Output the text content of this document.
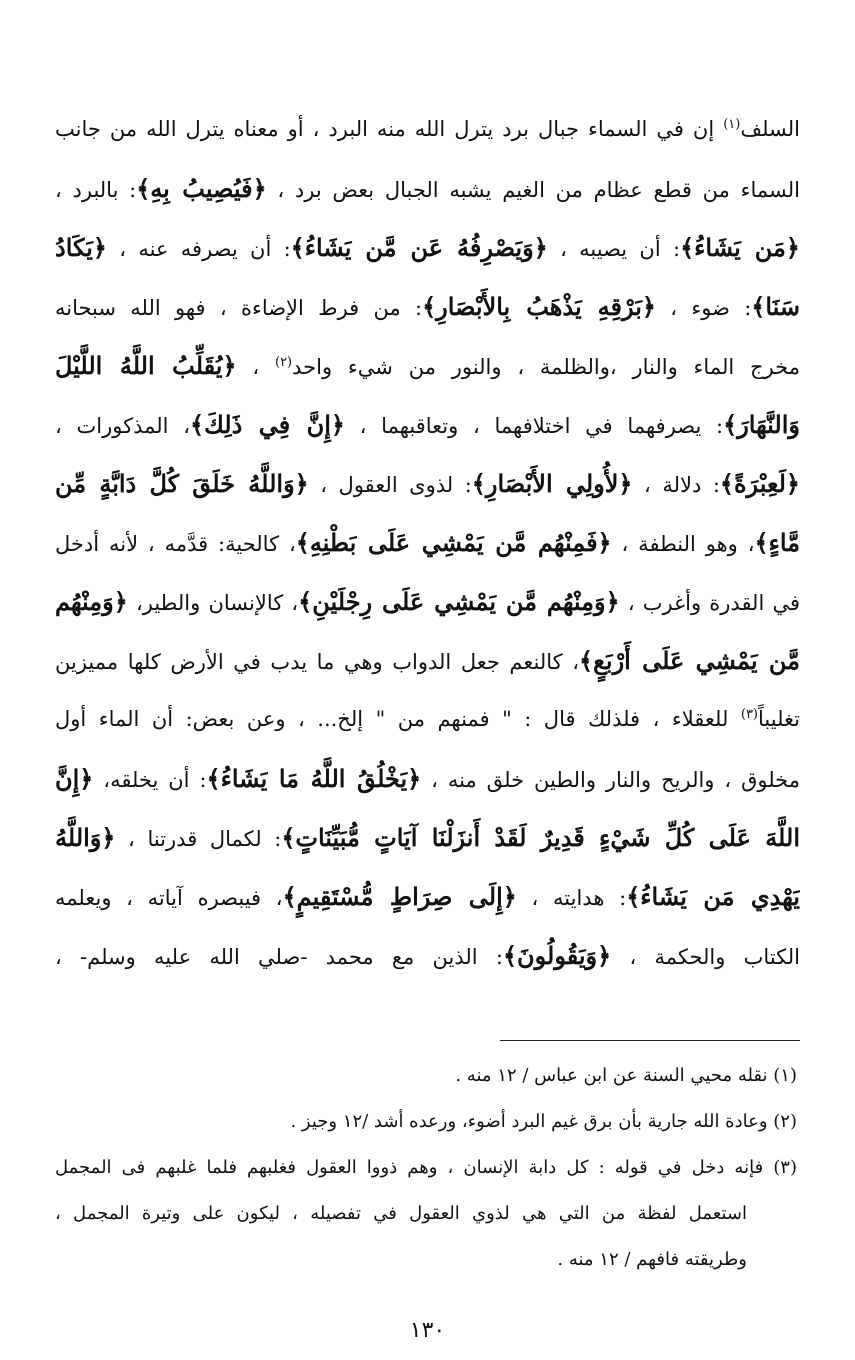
السلف$^{(١)}$ إن في السماء جبال برد يترل الله منه البرد ، أو معناه يترل الله من جانب
السماء من قطع عظام من الغيم يشبه الجبال بعض برد ، ﴿فَيُصِيبُ بِهِ﴾: بالبرد ،
﴿مَن يَشَاءُ﴾: أن يصيبه ، ﴿وَيَصْرِفُهُ عَن مَّن يَشَاءُ﴾: أن يصرفه عنه ، ﴿يَكَادُ
سَنَا﴾: ضوء ، ﴿بَرْقِهِ يَذْهَبُ بِالأَبْصَارِ﴾: من فرط الإضاءة ، فهو الله سبحانه
مخرج الماء والنار ،والظلمة ، والنور من شيء واحد$^{(٢)}$ ، ﴿يُقَلِّبُ اللَّهُ اللَّيْلَ
وَالنَّهَارَ﴾: يصرفهما في اختلافهما ، وتعاقبهما ، ﴿إِنَّ فِي ذَلِكَ﴾، المذكورات ،
﴿لَعِبْرَةً﴾: دلالة ، ﴿لأُولِي الأَبْصَارِ﴾: لذوى العقول ، ﴿وَاللَّهُ خَلَقَ كُلَّ دَابَّةٍ مِّن
مَّاءٍ﴾، وهو النطفة ، ﴿فَمِنْهُم مَّن يَمْشِي عَلَى بَطْنِهِ﴾، كالحية: قدَّمه ، لأنه أدخل
في القدرة وأغرب ، ﴿وَمِنْهُم مَّن يَمْشِي عَلَى رِجْلَيْنِ﴾، كالإنسان والطير، ﴿وَمِنْهُم
مَّن يَمْشِي عَلَى أَرْبَعٍ﴾، كالنعم جعل الدواب وهي ما يدب في الأرض كلها مميزين
تغليباً$^{(٣)}$ للعقلاء ، فلذلك قال : " فمنهم من " إلخ... ، وعن بعض: أن الماء أول
مخلوق ، والريح والنار والطين خلق منه ، ﴿يَخْلُقُ اللَّهُ مَا يَشَاءُ﴾: أن يخلقه، ﴿إِنَّ
اللَّهَ عَلَى كُلِّ شَيْءٍ قَدِيرٌ لَقَدْ أَنزَلْنَا آيَاتٍ مُّبَيِّنَاتٍ﴾: لكمال قدرتنا ، ﴿وَاللَّهُ
يَهْدِي مَن يَشَاءُ﴾: هدايته ، ﴿إِلَى صِرَاطٍ مُّسْتَقِيمٍ﴾، فيبصره آياته ، ويعلمه
الكتاب والحكمة ، ﴿وَيَقُولُونَ﴾: الذين مع محمد -صلي الله عليه وسلم- ،
(١) نقله محيي السنة عن ابن عباس / ١٢ منه .
(٢) وعادة الله جارية بأن برق غيم البرد أضوء، ورعده أشد /١٢ وجيز .
(٣) فإنه دخل في قوله : كل دابة الإنسان ، وهم ذووا العقول فغلبهم فلما غلبهم فى المجمل
استعمل لفظة من التي هي لذوي العقول في تفصيله ، ليكون على وتيرة المجمل ،
وطريقته فافهم / ١٢ منه .
١٣٠
